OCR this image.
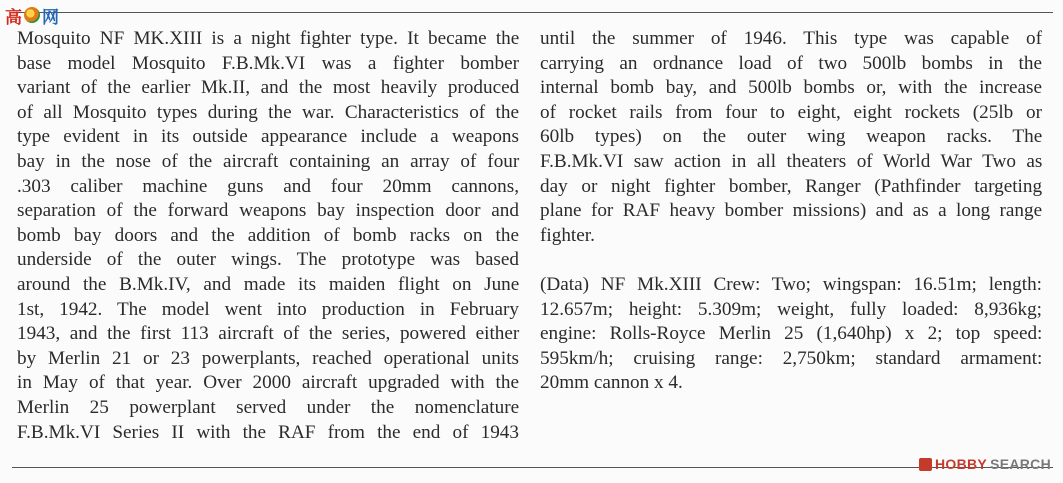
高 网
Mosquito NF MK.XIII is a night fighter type. It became the
base model Mosquito F.B.Mk.VI was a fighter bomber
variant of the earlier Mk.II, and the most heavily produced
of all Mosquito types during the war. Characteristics of the
type evident in its outside appearance include a weapons
bay in the nose of the aircraft containing an array of four
.303 caliber machine guns and four 20mm cannons,
separation of the forward weapons bay inspection door and
bomb bay doors and the addition of bomb racks on the
underside of the outer wings. The prototype was based
around the B.Mk.IV, and made its maiden flight on June
1st, 1942. The model went into production in February
1943, and the first 113 aircraft of the series, powered either
by Merlin 21 or 23 powerplants, reached operational units
in May of that year. Over 2000 aircraft upgraded with the
Merlin 25 powerplant served under the nomenclature
F.B.Mk.VI Series II with the RAF from the end of 1943
until the summer of 1946. This type was capable of
carrying an ordnance load of two 500lb bombs in the
internal bomb bay, and 500lb bombs or, with the increase
of rocket rails from four to eight, eight rockets (25lb or
60lb types) on the outer wing weapon racks. The
F.B.Mk.VI saw action in all theaters of World War Two as
day or night fighter bomber, Ranger (Pathfinder targeting
plane for RAF heavy bomber missions) and as a long range
fighter.
(Data) NF Mk.XIII Crew: Two; wingspan: 16.51m; length:
12.657m; height: 5.309m; weight, fully loaded: 8,936kg;
engine: Rolls-Royce Merlin 25 (1,640hp) x 2; top speed:
595km/h; cruising range: 2,750km; standard armament:
20mm cannon x 4.
HOBBY SEARCH
